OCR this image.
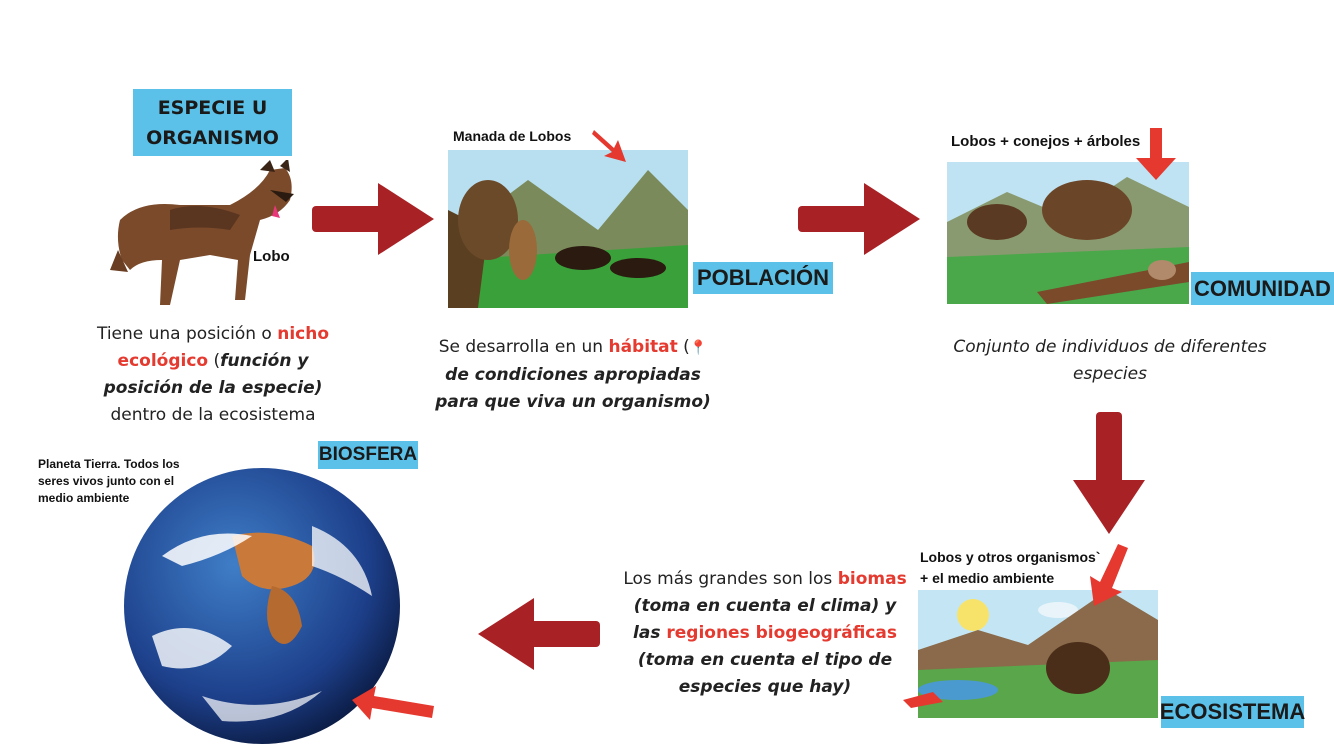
ESPECIE U
ORGANISMO
Lobo
Tiene una posición o nicho ecológico (función y posición de la especie) dentro de la ecosistema
Manada de Lobos
POBLACIÓN
Se desarrolla en un hábitat (📍 de condiciones apropiadas para que viva un organismo)
Lobos + conejos + árboles
COMUNIDAD
Conjunto de individuos de diferentes especies
Lobos y otros organismos`
+ el medio ambiente
ECOSISTEMA
Los más grandes son los biomas (toma en cuenta el clima) y las regiones biogeográficas (toma en cuenta el tipo de especies que hay)
Planeta Tierra. Todos los
seres vivos junto con el
medio ambiente
BIOSFERA
